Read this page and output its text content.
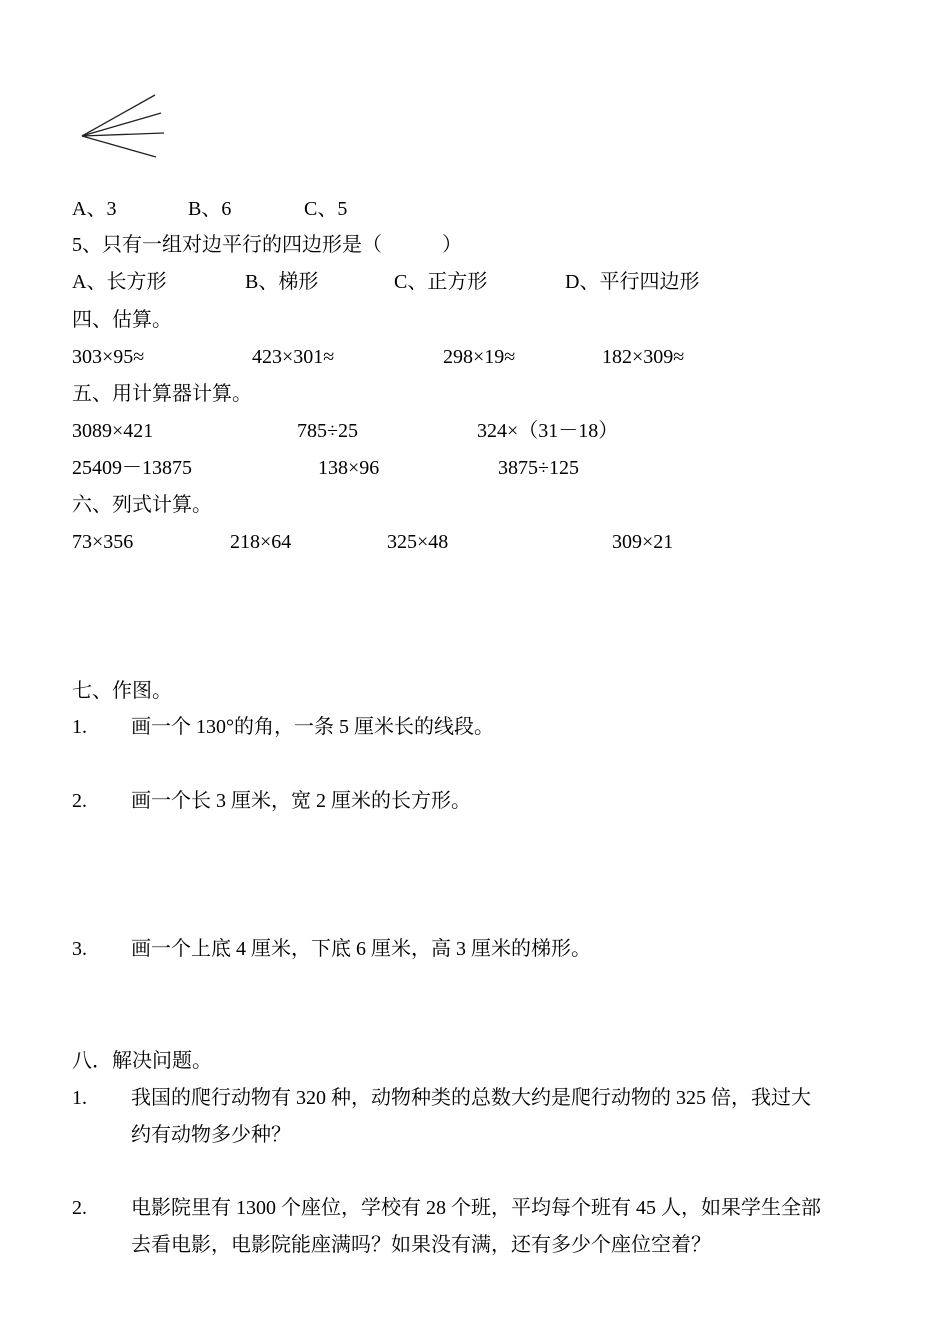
A、3	B、6	C、5
5、只有一组对边平行的四边形是（　　　）
A、长方形	B、梯形	C、正方形	D、平行四边形
四、估算。
303×95≈	423×301≈	298×19≈	182×309≈
五、用计算器计算。
3089×421	785÷25	324×（31－18）
25409－13875	138×96	3875÷125
六、列式计算。
73×356	218×64	325×48	309×21
七、作图。
1. 画一个 130°的角，一条 5 厘米长的线段。
2. 画一个长 3 厘米，宽 2 厘米的长方形。
3. 画一个上底 4 厘米，下底 6 厘米，高 3 厘米的梯形。
八．解决问题。
1. 我国的爬行动物有 320 种，动物种类的总数大约是爬行动物的 325 倍，我过大
约有动物多少种？
2. 电影院里有 1300 个座位，学校有 28 个班，平均每个班有 45 人，如果学生全部
去看电影，电影院能座满吗？如果没有满，还有多少个座位空着？
